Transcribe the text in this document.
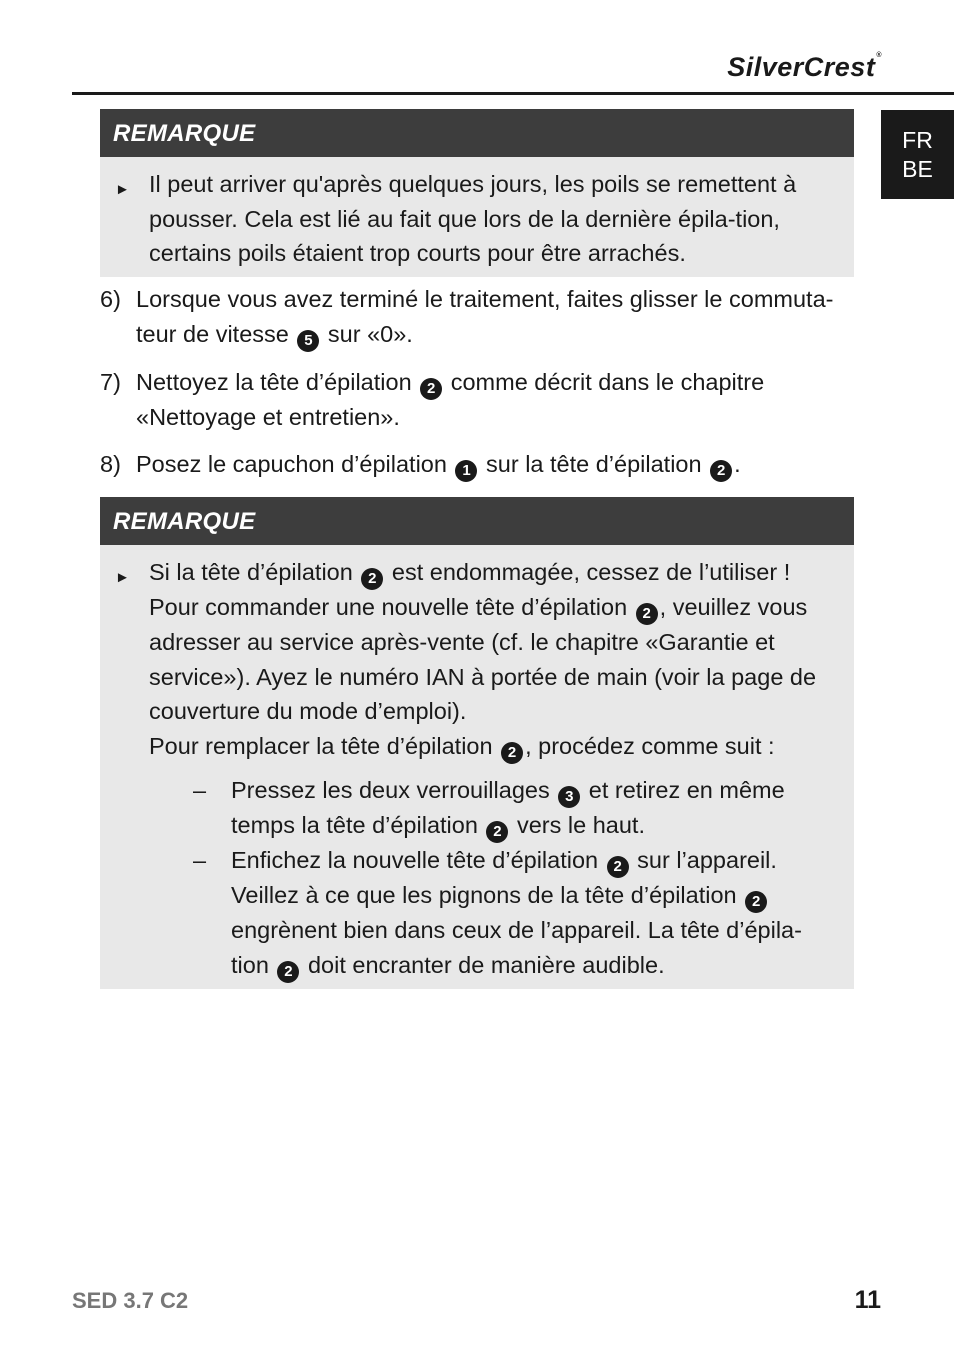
SilverCrest®
FR
BE
REMARQUE
► Il peut arriver qu'après quelques jours, les poils se remettent à pousser. Cela est lié au fait que lors de la dernière épila-tion, certains poils étaient trop courts pour être arrachés.

6) Lorsque vous avez terminé le traitement, faites glisser le commuta-teur de vitesse 5 sur «0».
7) Nettoyez la tête d’épilation 2 comme décrit dans le chapitre «Nettoyage et entretien».
8) Posez le capuchon d’épilation 1 sur la tête d’épilation 2 .
REMARQUE
► Si la tête d’épilation 2 est endommagée, cessez de l’utiliser ! Pour commander une nouvelle tête d’épilation 2 , veuillez vous adresser au service après-vente (cf. le chapitre «Garantie et service»). Ayez le numéro IAN à portée de main (voir la page de couverture du mode d’emploi).

Pour remplacer la tête d’épilation 2 , procédez comme suit :

– Pressez les deux verrouillages 3 et retirez en même temps la tête d’épilation 2 vers le haut.
– Enfichez la nouvelle tête d’épilation 2 sur l’appareil. Veillez à ce que les pignons de la tête d’épilation 2 engrènent bien dans ceux de l’appareil. La tête d’épila-tion 2 doit encranter de manière audible.
SED 3.7 C2	11
